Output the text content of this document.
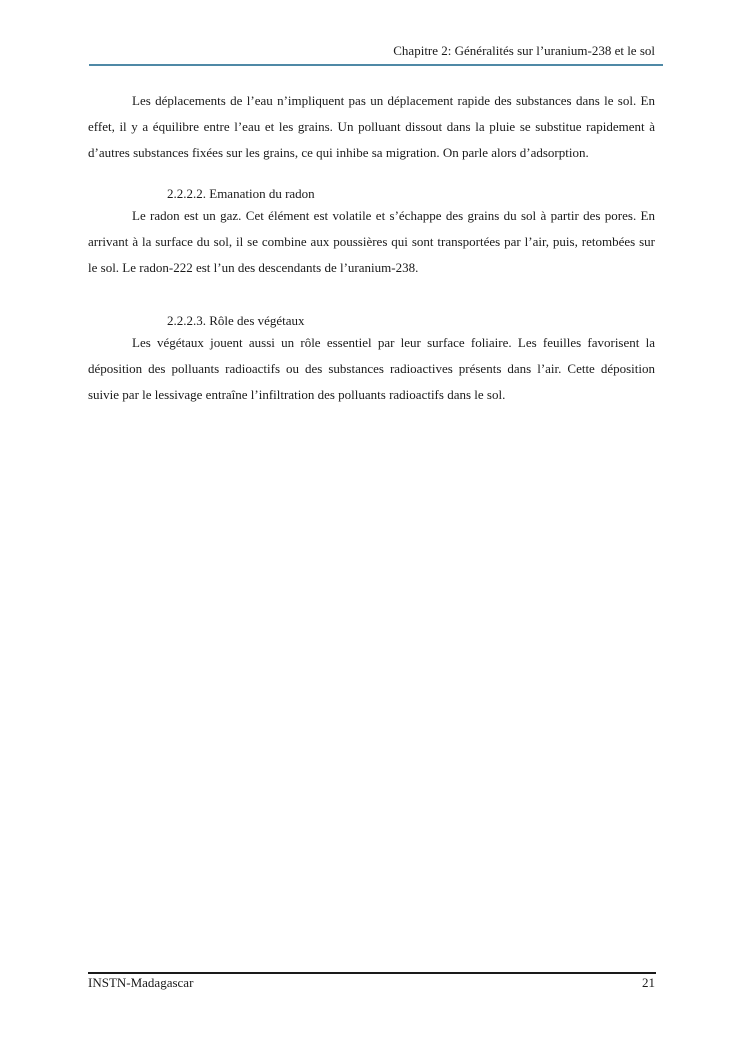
Chapitre 2: Généralités sur l’uranium-238 et le sol

Les déplacements de l’eau n’impliquent pas un déplacement rapide des substances dans le sol. En effet, il y a équilibre entre l’eau et les grains. Un polluant dissout dans la pluie se substitue rapidement à d’autres substances fixées sur les grains, ce qui inhibe sa migration. On parle alors d’adsorption.

2.2.2.2. Emanation du radon

Le radon est un gaz. Cet élément est volatile et s’échappe des grains du sol à partir des pores. En arrivant à la surface du sol, il se combine aux poussières qui sont transportées par l’air, puis, retombées sur le sol. Le radon-222 est l’un des descendants de l’uranium-238.

2.2.2.3. Rôle des végétaux

Les végétaux jouent aussi un rôle essentiel par leur surface foliaire. Les feuilles favorisent la déposition des polluants radioactifs ou des substances radioactives présents dans l’air. Cette déposition suivie par le lessivage entraîne l’infiltration des polluants radioactifs dans le sol.

INSTN-Madagascar	21
